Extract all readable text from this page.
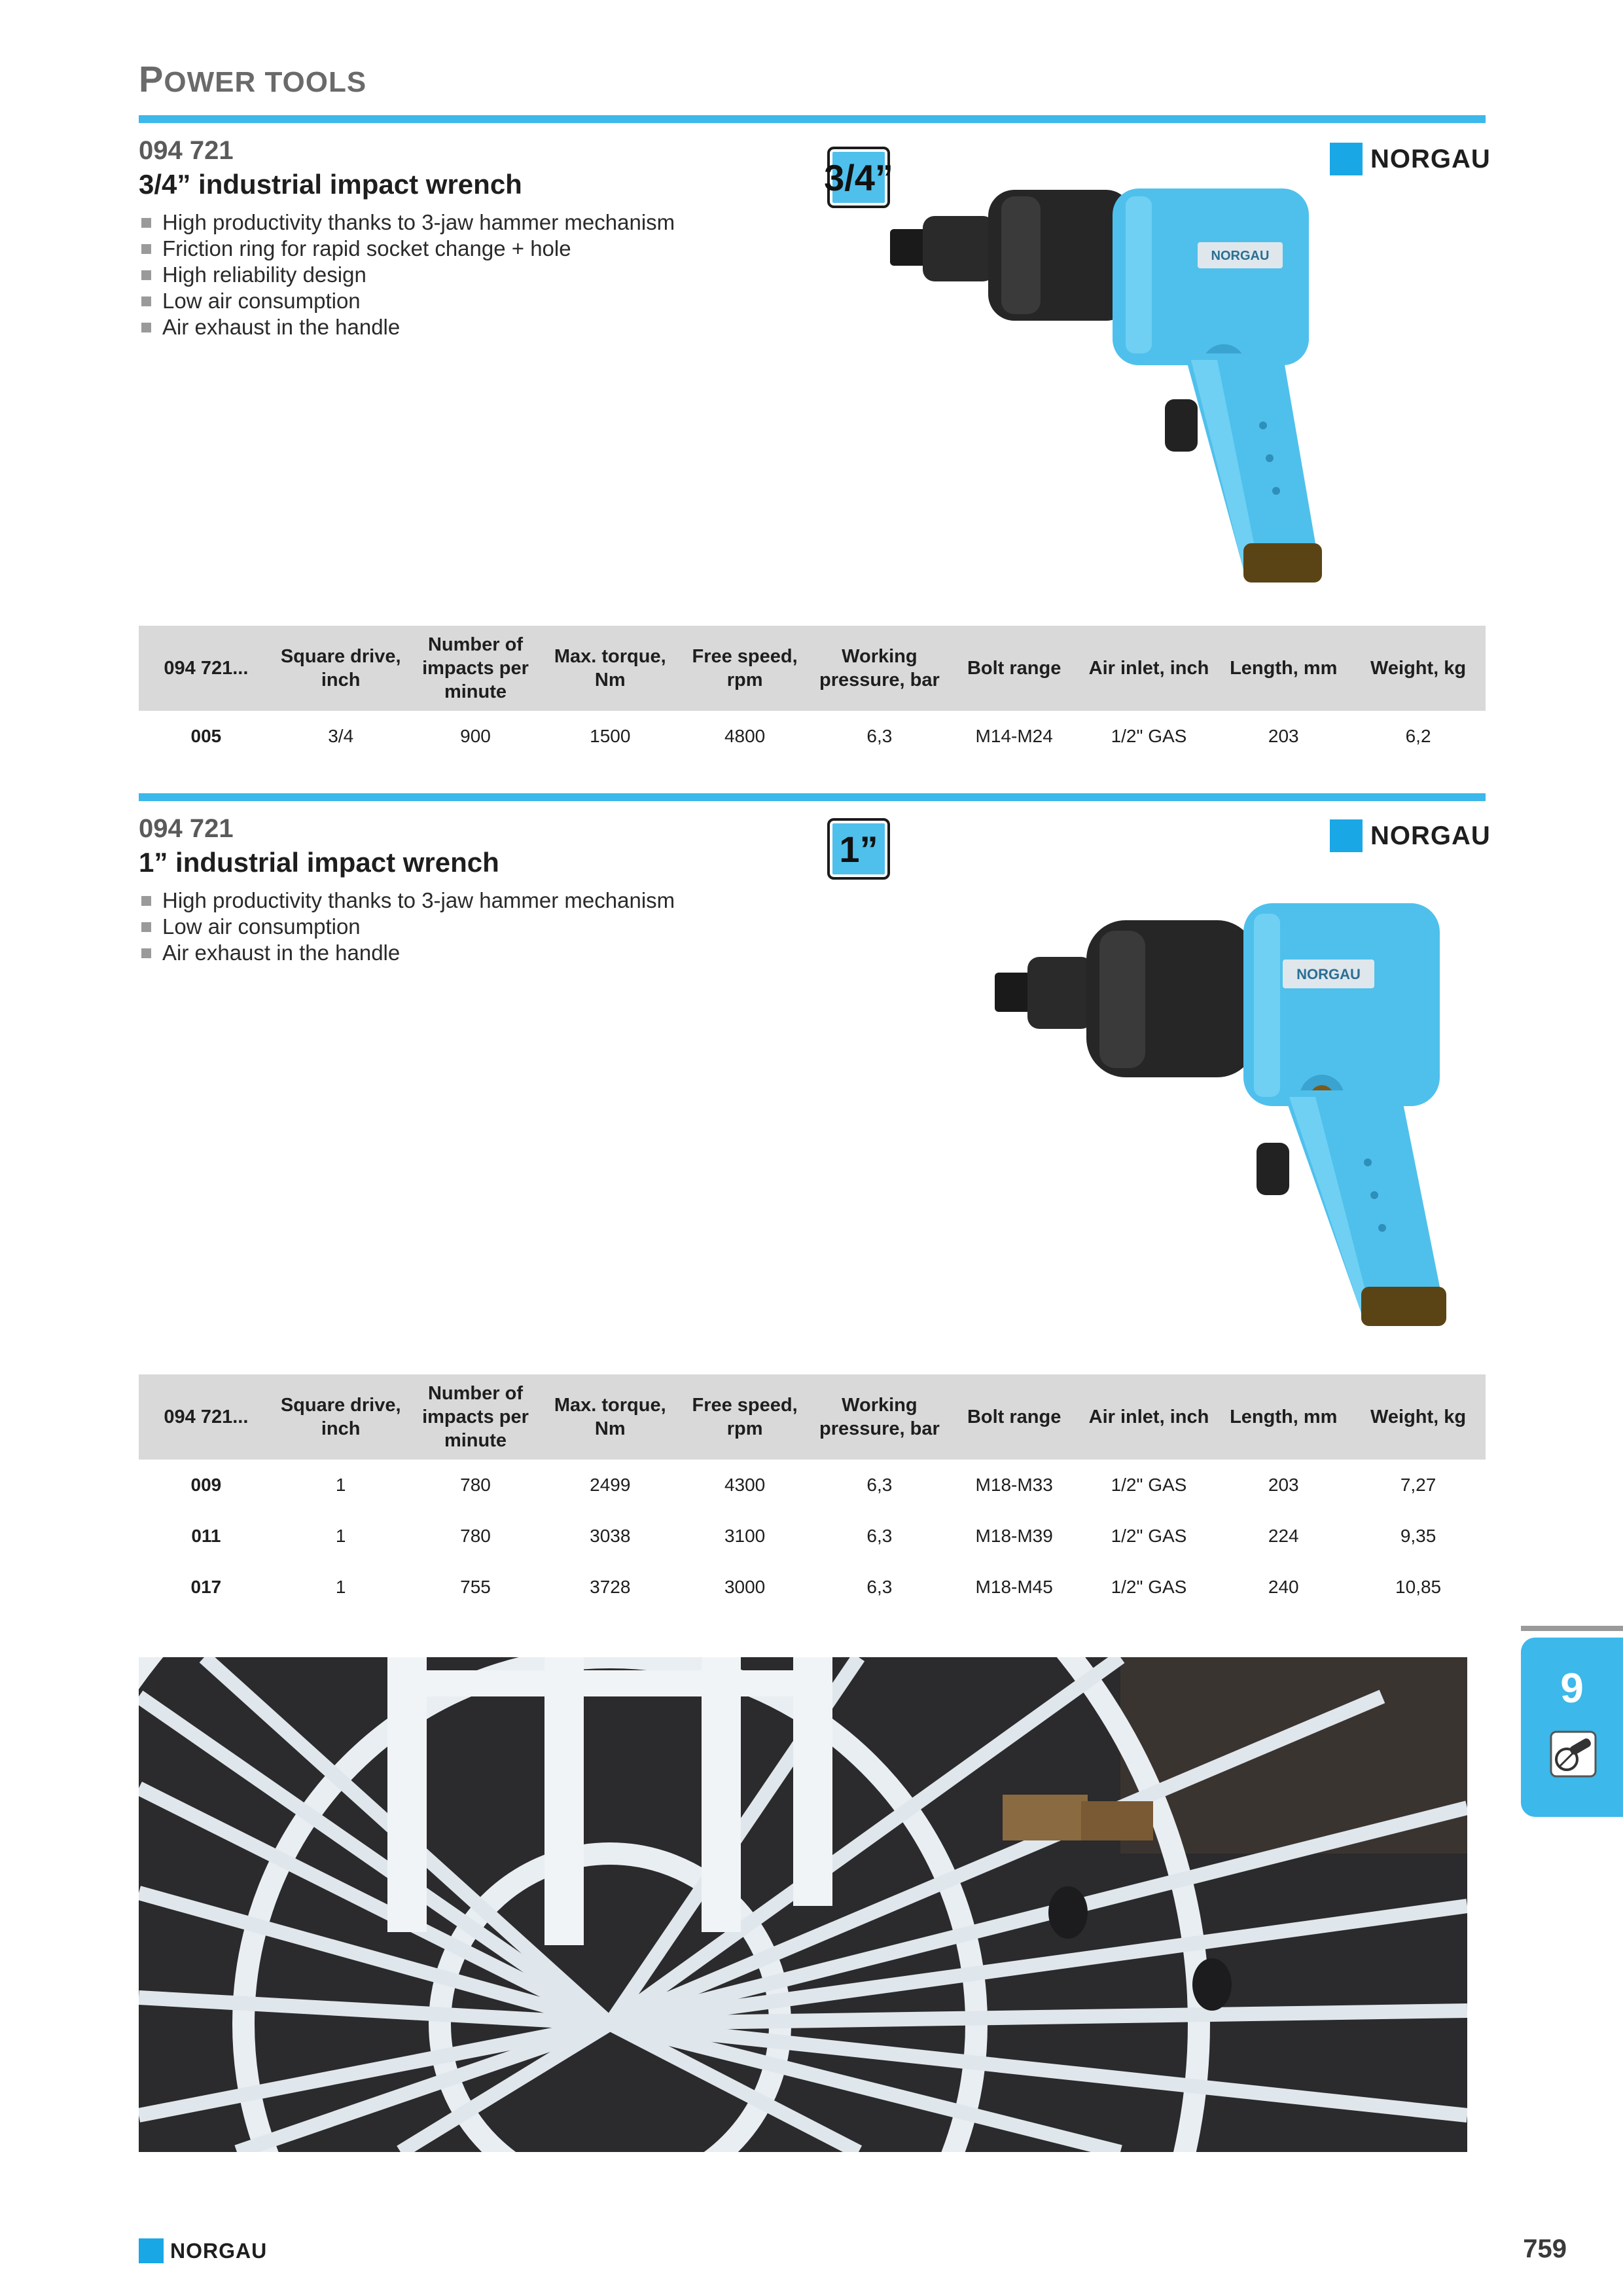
POWER TOOLS
094 721
3/4” industrial impact wrench
High productivity thanks to 3-jaw hammer mechanism
Friction ring for rapid socket change + hole
High reliability design
Low air consumption
Air exhaust in the handle
3/4”	NORGAU
NORGAU
094 721...	Square drive, inch	Number of impacts per minute	Max. torque, Nm	Free speed, rpm	Working pressure, bar	Bolt range	Air inlet, inch	Length, mm	Weight, kg
005	3/4	900	1500	4800	6,3	M14-M24	1/2" GAS	203	6,2
094 721
1” industrial impact wrench
High productivity thanks to 3-jaw hammer mechanism
Low air consumption
Air exhaust in the handle
1”	NORGAU
NORGAU
094 721...	Square drive, inch	Number of impacts per minute	Max. torque, Nm	Free speed, rpm	Working pressure, bar	Bolt range	Air inlet, inch	Length, mm	Weight, kg
009	1	780	2499	4300	6,3	M18-M33	1/2" GAS	203	7,27
011	1	780	3038	3100	6,3	M18-M39	1/2" GAS	224	9,35
017	1	755	3728	3000	6,3	M18-M45	1/2" GAS	240	10,85
9
NORGAU	759
